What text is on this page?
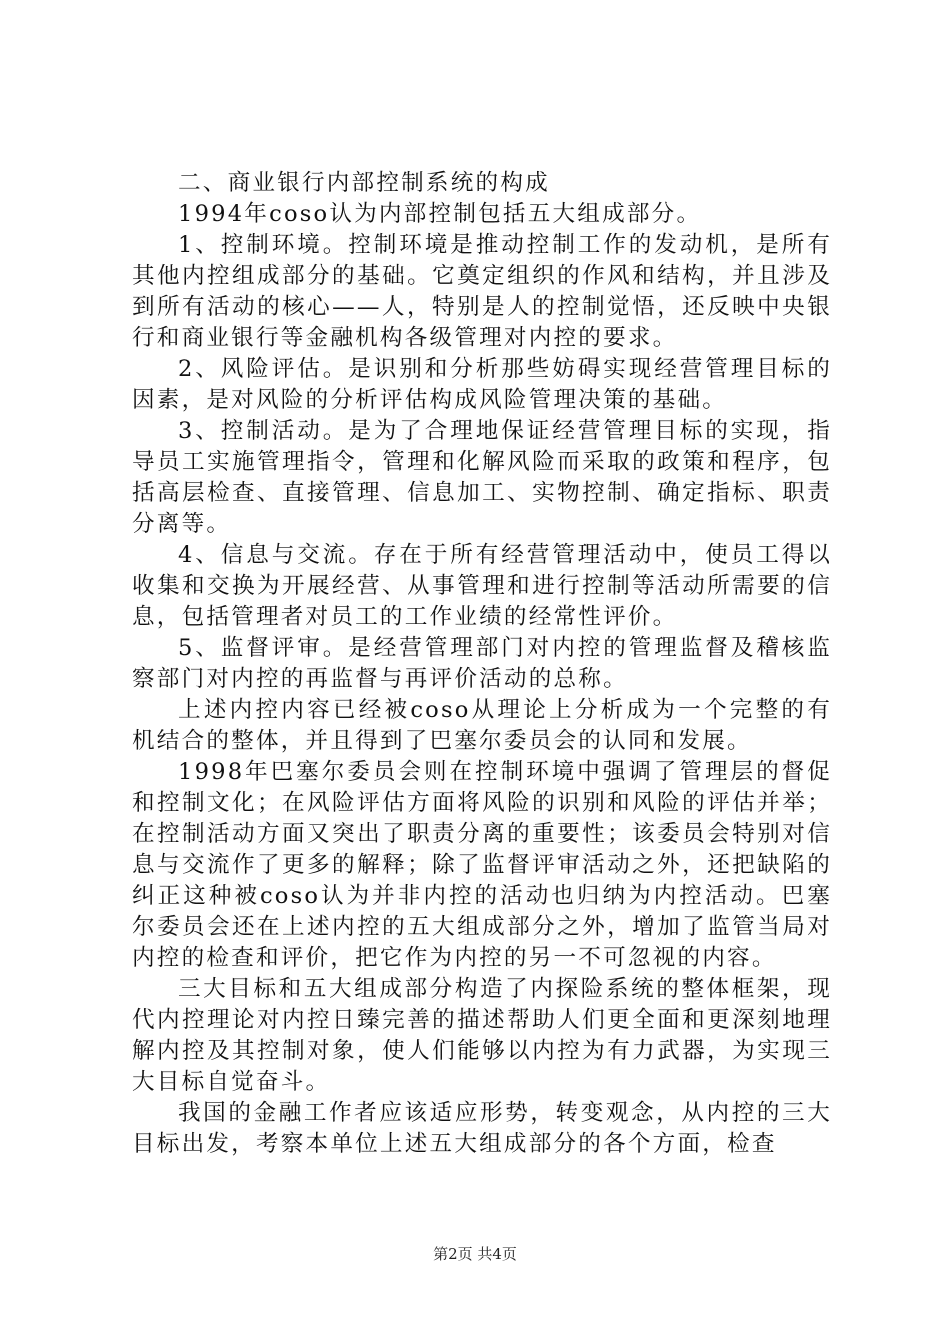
二、商业银行内部控制系统的构成

1994年coso认为内部控制包括五大组成部分。

1、控制环境。控制环境是推动控制工作的发动机，是所有其他内控组成部分的基础。它奠定组织的作风和结构，并且涉及到所有活动的核心——人，特别是人的控制觉悟，还反映中央银行和商业银行等金融机构各级管理对内控的要求。

2、风险评估。是识别和分析那些妨碍实现经营管理目标的因素，是对风险的分析评估构成风险管理决策的基础。

3、控制活动。是为了合理地保证经营管理目标的实现，指导员工实施管理指令，管理和化解风险而采取的政策和程序，包括高层检查、直接管理、信息加工、实物控制、确定指标、职责分离等。

4、信息与交流。存在于所有经营管理活动中，使员工得以收集和交换为开展经营、从事管理和进行控制等活动所需要的信息，包括管理者对员工的工作业绩的经常性评价。

5、监督评审。是经营管理部门对内控的管理监督及稽核监察部门对内控的再监督与再评价活动的总称。

上述内控内容已经被coso从理论上分析成为一个完整的有机结合的整体，并且得到了巴塞尔委员会的认同和发展。

1998年巴塞尔委员会则在控制环境中强调了管理层的督促和控制文化；在风险评估方面将风险的识别和风险的评估并举；在控制活动方面又突出了职责分离的重要性；该委员会特别对信息与交流作了更多的解释；除了监督评审活动之外，还把缺陷的纠正这种被coso认为并非内控的活动也归纳为内控活动。巴塞尔委员会还在上述内控的五大组成部分之外，增加了监管当局对内控的检查和评价，把它作为内控的另一不可忽视的内容。

三大目标和五大组成部分构造了内探险系统的整体框架，现代内控理论对内控日臻完善的描述帮助人们更全面和更深刻地理解内控及其控制对象，使人们能够以内控为有力武器，为实现三大目标自觉奋斗。

我国的金融工作者应该适应形势，转变观念，从内控的三大目标出发，考察本单位上述五大组成部分的各个方面，检查

第2页 共4页
